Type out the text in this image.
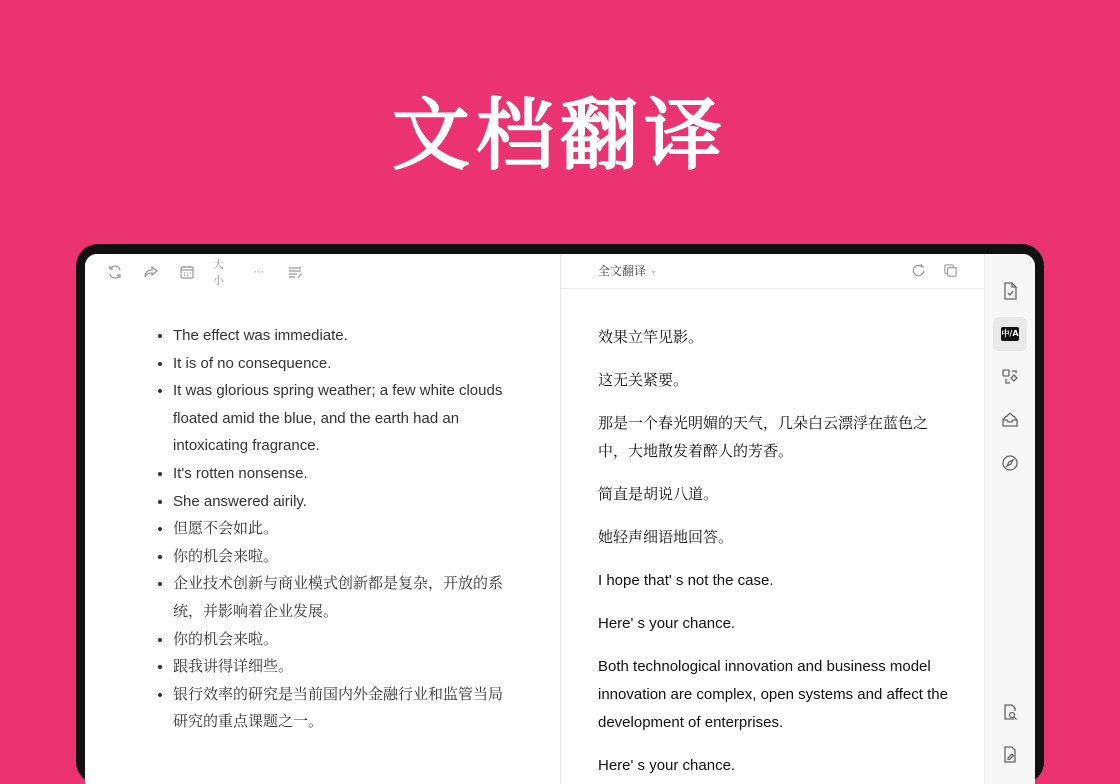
文档翻译
大小
···
• The effect was immediate.
• It is of no consequence.
• It was glorious spring weather; a few white clouds floated amid the blue, and the earth had an intoxicating fragrance.
• It's rotten nonsense.
• She answered airily.
• 但愿不会如此。
• 你的机会来啦。
• 企业技术创新与商业模式创新都是复杂，开放的系统，并影响着企业发展。
• 你的机会来啦。
• 跟我讲得详细些。
• 银行效率的研究是当前国内外金融行业和监管当局研究的重点课题之一。
全文翻译 ⌄
效果立竿见影。
这无关紧要。
那是一个春光明媚的天气，几朵白云漂浮在蓝色之中，大地散发着醉人的芳香。
简直是胡说八道。
她轻声细语地回答。
I hope that' s not the case.
Here' s your chance.
Both technological innovation and business model innovation are complex, open systems and affect the development of enterprises.
Here' s your chance.
中/A
